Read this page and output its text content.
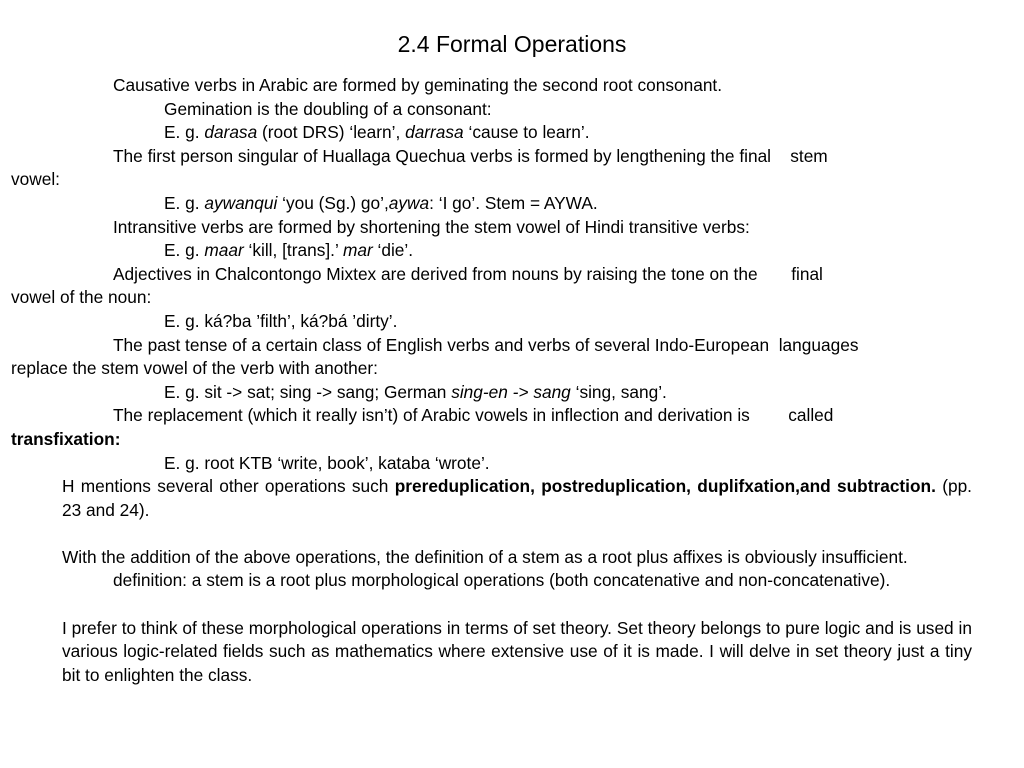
2.4 Formal Operations

Causative verbs in Arabic are formed by geminating the second root consonant.

Gemination is the doubling of a consonant:

E. g. darasa (root DRS) ‘learn’, darrasa ‘cause to learn’.

The first person singular of Huallaga Quechua verbs is formed by lengthening the final stem
vowel:

E. g. aywanqui ‘you (Sg.) go’,aywa: ‘I go’. Stem = AYWA.

Intransitive verbs are formed by shortening the stem vowel of Hindi transitive verbs:

E. g. maar ‘kill, [trans].’ mar ‘die’.

Adjectives in Chalcontongo Mixtex are derived from nouns by raising the tone on the final
vowel of the noun:

E. g. ká?ba ’filth’, ká?bá ’dirty’.

The past tense of a certain class of English verbs and verbs of several Indo-European languages
replace the stem vowel of the verb with another:

E. g. sit -> sat; sing -> sang; German sing-en -> sang ‘sing, sang’.

The replacement (which it really isn’t) of Arabic vowels in inflection and derivation is called
transfixation:

E. g. root KTB ‘write, book’, kataba ‘wrote’.

H mentions several other operations such prereduplication, postreduplication, duplifxation,and subtraction. (pp. 23 and 24).

With the addition of the above operations, the definition of a stem as a root plus affixes is obviously insufficient.

definition: a stem is a root plus morphological operations (both concatenative and non-concatenative).

I prefer to think of these morphological operations in terms of set theory. Set theory belongs to pure logic and is used in various logic-related fields such as mathematics where extensive use of it is made. I will delve in set theory just a tiny bit to enlighten the class.
